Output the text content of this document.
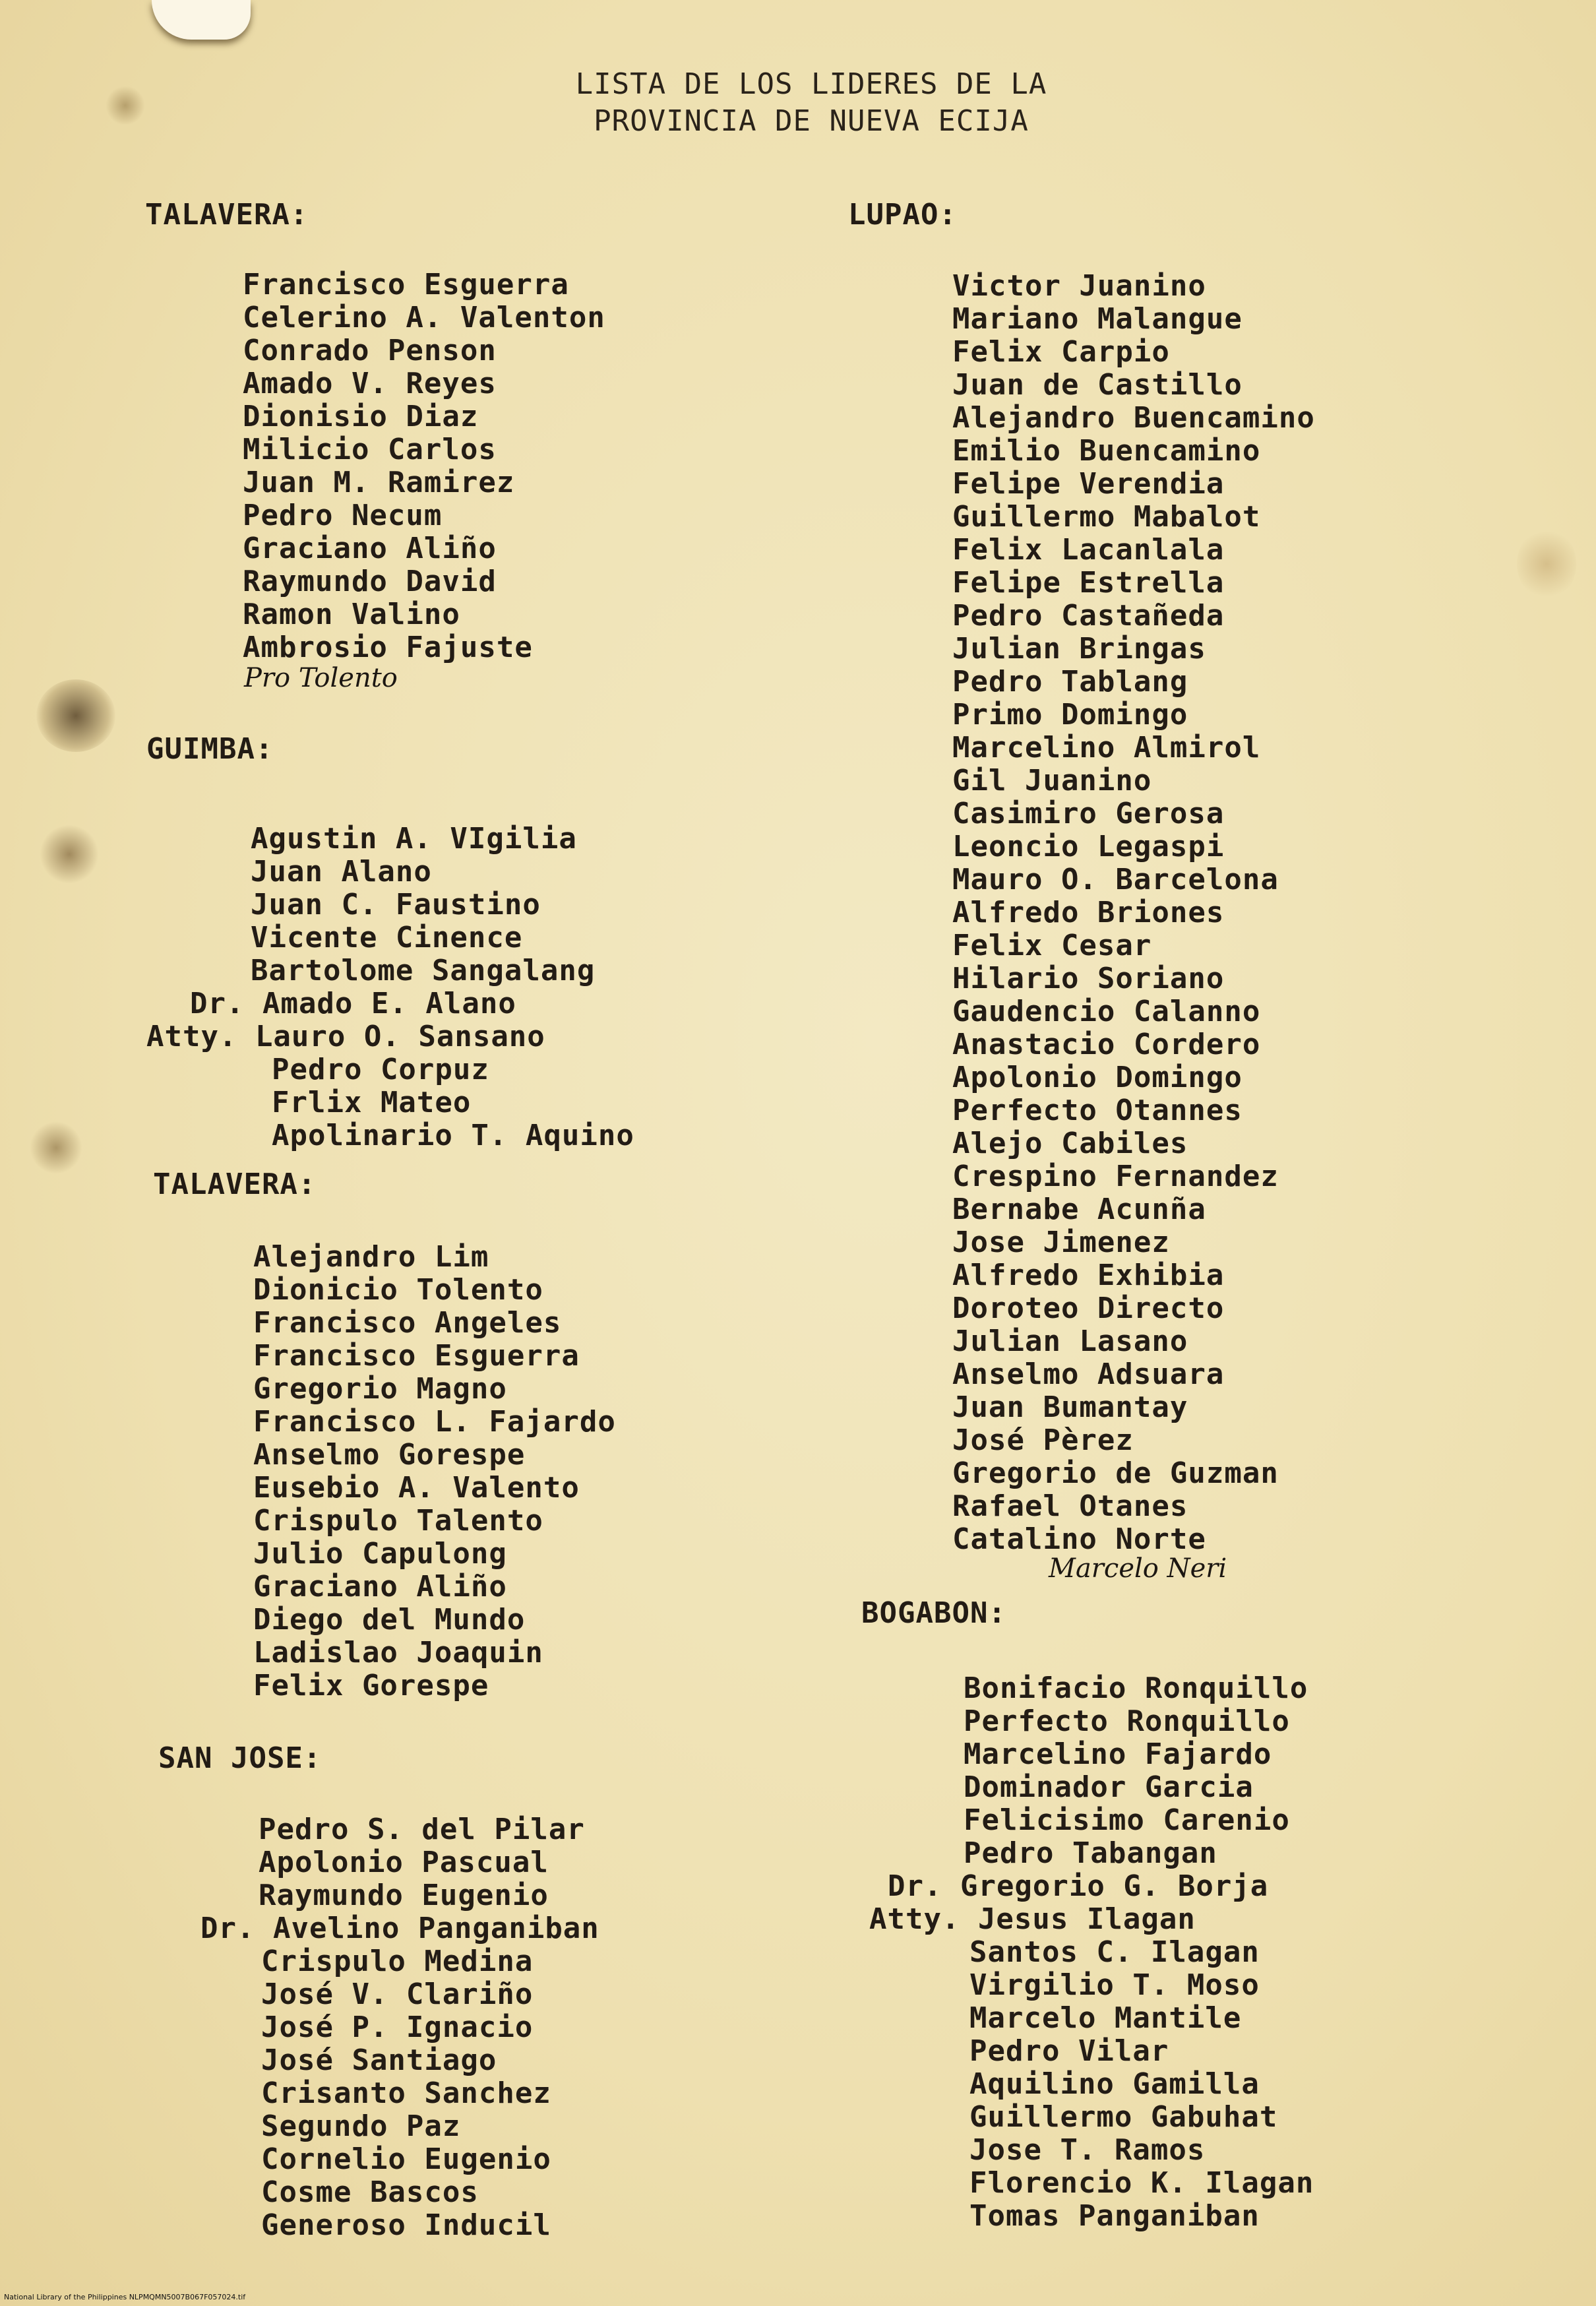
LISTA DE LOS LIDERES DE LA
PROVINCIA DE NUEVA ECIJA
TALAVERA:
Francisco Esguerra
Celerino A. Valenton
Conrado Penson
Amado V. Reyes
Dionisio Diaz
Milicio Carlos
Juan M. Ramirez
Pedro Necum
Graciano Aliño
Raymundo David
Ramon Valino
Ambrosio Fajuste
Pro Tolento
GUIMBA:
Agustin A. VIgilia
Juan Alano
Juan C. Faustino
Vicente Cinence
Bartolome Sangalang
Dr. Amado E. Alano
Atty. Lauro O. Sansano
Pedro Corpuz
Frlix Mateo
Apolinario T. Aquino
TALAVERA:
Alejandro Lim
Dionicio Tolento
Francisco Angeles
Francisco Esguerra
Gregorio Magno
Francisco L. Fajardo
Anselmo Gorespe
Eusebio A. Valento
Crispulo Talento
Julio Capulong
Graciano Aliño
Diego del Mundo
Ladislao Joaquin
Felix Gorespe
SAN JOSE:
Pedro S. del Pilar
Apolonio Pascual
Raymundo Eugenio
Dr. Avelino Panganiban
Crispulo Medina
José V. Clariño
José P. Ignacio
José Santiago
Crisanto Sanchez
Segundo Paz
Cornelio Eugenio
Cosme Bascos
Generoso Inducil
LUPAO:
Victor Juanino
Mariano Malangue
Felix Carpio
Juan de Castillo
Alejandro Buencamino
Emilio Buencamino
Felipe Verendia
Guillermo Mabalot
Felix Lacanlala
Felipe Estrella
Pedro Castañeda
Julian Bringas
Pedro Tablang
Primo Domingo
Marcelino Almirol
Gil Juanino
Casimiro Gerosa
Leoncio Legaspi
Mauro O. Barcelona
Alfredo Briones
Felix Cesar
Hilario Soriano
Gaudencio Calanno
Anastacio Cordero
Apolonio Domingo
Perfecto Otannes
Alejo Cabiles
Crespino Fernandez
Bernabe Acunña
Jose Jimenez
Alfredo Exhibia
Doroteo Directo
Julian Lasano
Anselmo Adsuara
Juan Bumantay
José Pèrez
Gregorio de Guzman
Rafael Otanes
Catalino Norte
Marcelo Neri
BOGABON:
Bonifacio Ronquillo
Perfecto Ronquillo
Marcelino Fajardo
Dominador Garcia
Felicisimo Carenio
Pedro Tabangan
Dr. Gregorio G. Borja
Atty. Jesus Ilagan
Santos C. Ilagan
Virgilio T. Moso
Marcelo Mantile
Pedro Vilar
Aquilino Gamilla
Guillermo Gabuhat
Jose T. Ramos
Florencio K. Ilagan
Tomas Panganiban
National Library of the Philippines NLPMQMN5007B067F057024.tif
